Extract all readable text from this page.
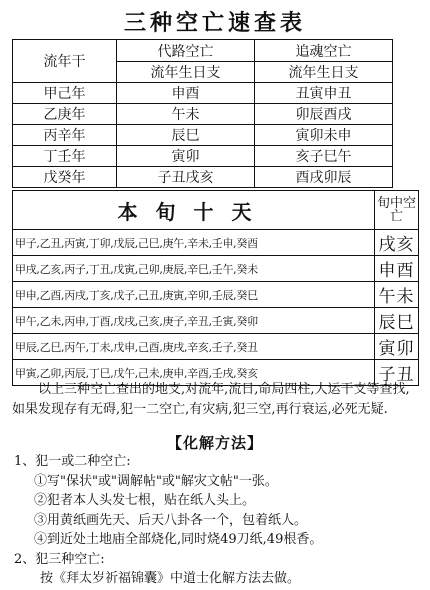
三种空亡速查表
流年干	代路空亡	追魂空亡
	流年生日支	流年生日支
甲己年	申酉	丑寅申丑
乙庚年	午未	卯辰酉戌
丙辛年	辰巳	寅卯未申
丁壬年	寅卯	亥子巳午
戊癸年	子丑戌亥	酉戌卯辰
本旬十天	旬中空亡
甲子,乙丑,丙寅,丁卯,戊辰,己巳,庚午,辛未,壬申,癸酉	戌亥
甲戌,乙亥,丙子,丁丑,戊寅,己卯,庚辰,辛巳,壬午,癸未	申酉
甲申,乙酉,丙戌,丁亥,戊子,己丑,庚寅,辛卯,壬辰,癸巳	午未
甲午,乙未,丙申,丁酉,戊戌,己亥,庚子,辛丑,壬寅,癸卯	辰巳
甲辰,乙巳,丙午,丁未,戊申,己酉,庚戌,辛亥,壬子,癸丑	寅卯
甲寅,乙卯,丙辰,丁巳,戊午,己未,庚申,辛酉,壬戌,癸亥	子丑

以上三种空亡查出的地支,对流年,流日,命局四柱,大运干支等查找,如果发现存有无碍,犯一二空亡,有灾病,犯三空,再行衰运,必死无疑.

【化解方法】
1、犯一或二种空亡:
①写"保状"或"调解帖"或"解灾文帖"一张。
②犯者本人头发七根，贴在纸人头上。
③用黄纸画先天、后天八卦各一个，包着纸人。
④到近处土地庙全部烧化,同时烧49刀纸,49根香。
2、犯三种空亡:
按《拜太岁祈福锦囊》中道士化解方法去做。
